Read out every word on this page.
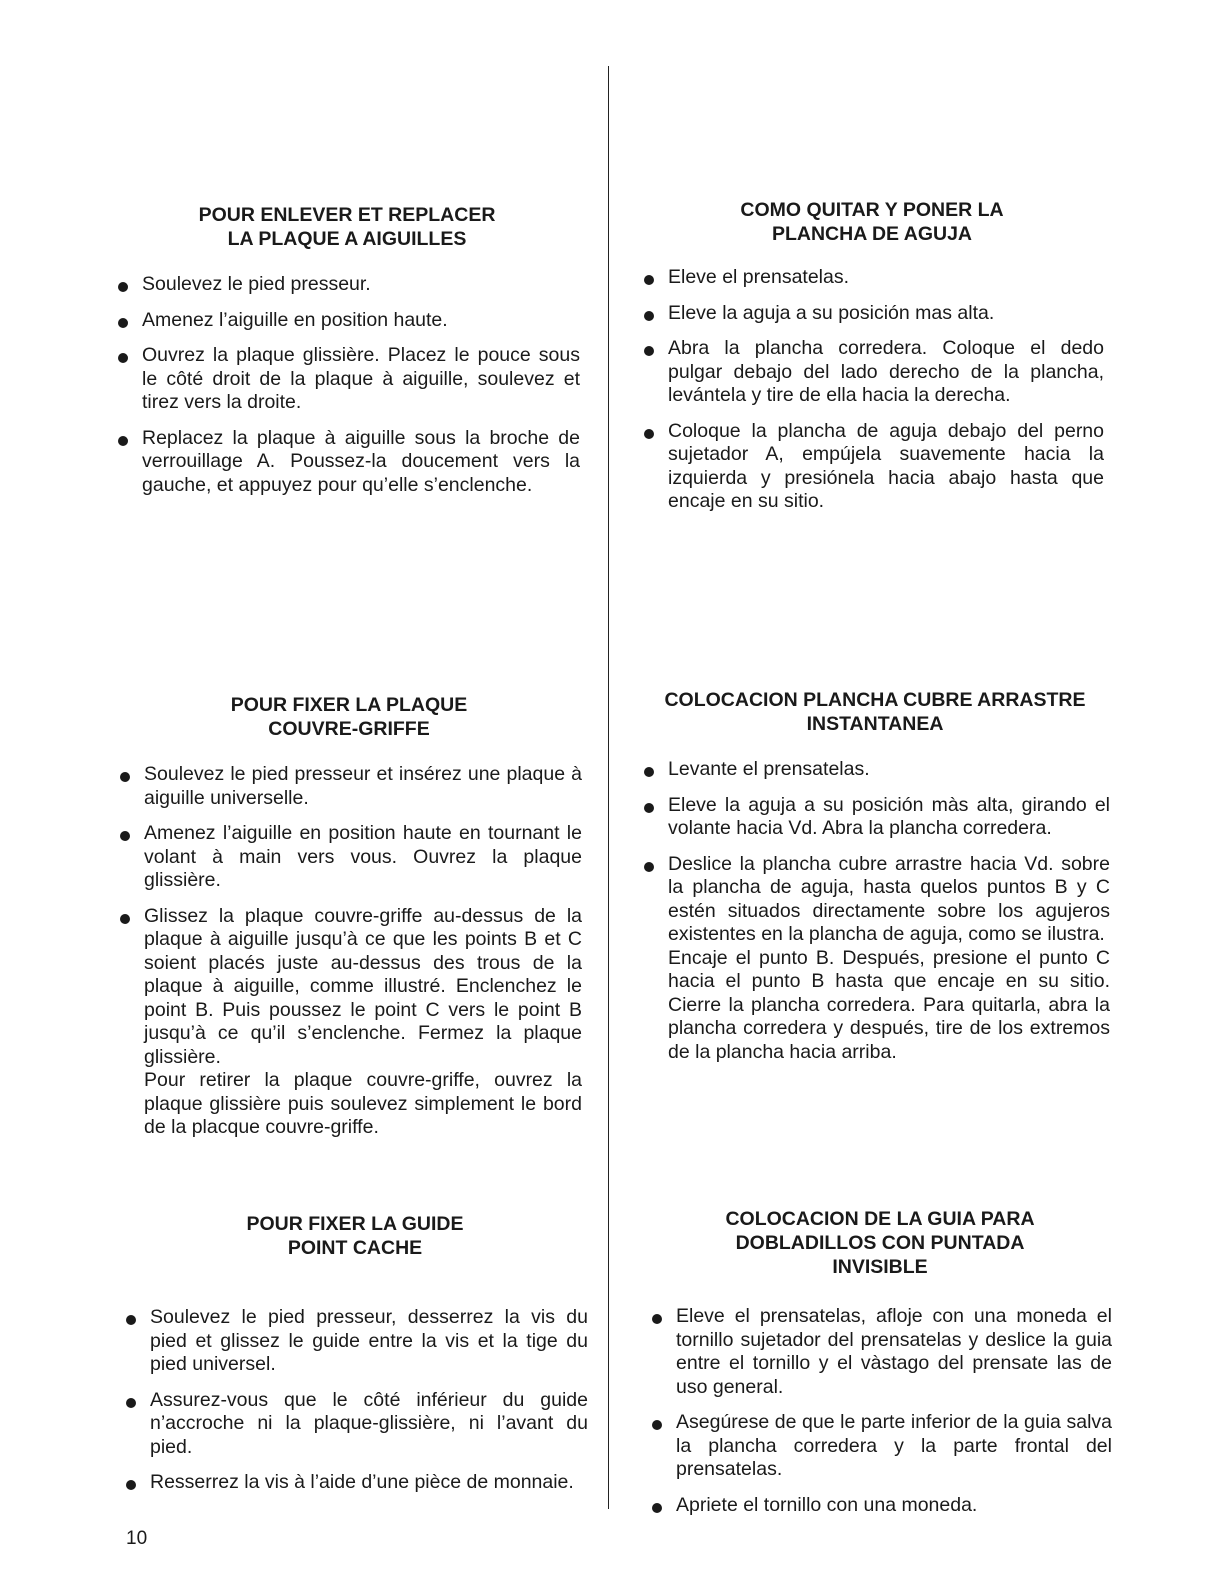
POUR ENLEVER ET REPLACER
LA PLAQUE A AIGUILLES
Soulevez le pied presseur.
Amenez l’aiguille en position haute.

Ouvrez la plaque glissière. Placez le pouce sous le côté droit de la plaque à aiguille, soulevez et tirez vers la droite.

Replacez la plaque à aiguille sous la broche de verrouillage A. Poussez-la doucement vers la gauche, et appuyez pour qu’elle s’enclenche.

COMO QUITAR Y PONER LA
PLANCHA DE AGUJA
Eleve el prensatelas.
Eleve la aguja a su posición mas alta.

Abra la plancha corredera. Coloque el dedo pulgar debajo del lado derecho de la plancha, levántela y tire de ella hacia la derecha.

Coloque la plancha de aguja debajo del perno sujetador A, empújela suavemente hacia la izquierda y presiónela hacia abajo hasta que encaje en su sitio.

POUR FIXER LA PLAQUE
COUVRE-GRIFFE

Soulevez le pied presseur et insérez une plaque à aiguille universelle.

Amenez l’aiguille en position haute en tournant le volant à main vers vous. Ouvrez la plaque glissière.

Glissez la plaque couvre-griffe au-dessus de la plaque à aiguille jusqu’à ce que les points B et C soient placés juste au-dessus des trous de la plaque à aiguille, comme illustré. Enclenchez le point B. Puis poussez le point C vers le point B jusqu’à ce qu’il s’enclenche. Fermez la plaque glissière.

Pour retirer la plaque couvre-griffe, ouvrez la plaque glissière puis soulevez simplement le bord de la placque couvre-griffe.

COLOCACION PLANCHA CUBRE ARRASTRE
INSTANTANEA
Levante el prensatelas.

Eleve la aguja a su posición màs alta, girando el volante hacia Vd. Abra la plancha corredera.

Deslice la plancha cubre arrastre hacia Vd. sobre la plancha de aguja, hasta quelos puntos B y C estén situados directamente sobre los agujeros existentes en la plancha de aguja, como se ilustra.

Encaje el punto B. Después, presione el punto C hacia el punto B hasta que encaje en su sitio. Cierre la plancha corredera. Para quitarla, abra la plancha corredera y después, tire de los extremos de la plancha hacia arriba.

POUR FIXER LA GUIDE
POINT CACHE

Soulevez le pied presseur, desserrez la vis du pied et glissez le guide entre la vis et la tige du pied universel.

Assurez-vous que le côté inférieur du guide n’accroche ni la plaque-glissière, ni l’avant du pied.

Resserrez la vis à l’aide d’une pièce de monnaie.

COLOCACION DE LA GUIA PARA
DOBLADILLOS CON PUNTADA
INVISIBLE

Eleve el prensatelas, afloje con una moneda el tornillo sujetador del prensatelas y deslice la guia entre el tornillo y el vàstago del prensate las de uso general.

Asegúrese de que le parte inferior de la guia salva la plancha corredera y la parte frontal del prensatelas.

Apriete el tornillo con una moneda.

10
